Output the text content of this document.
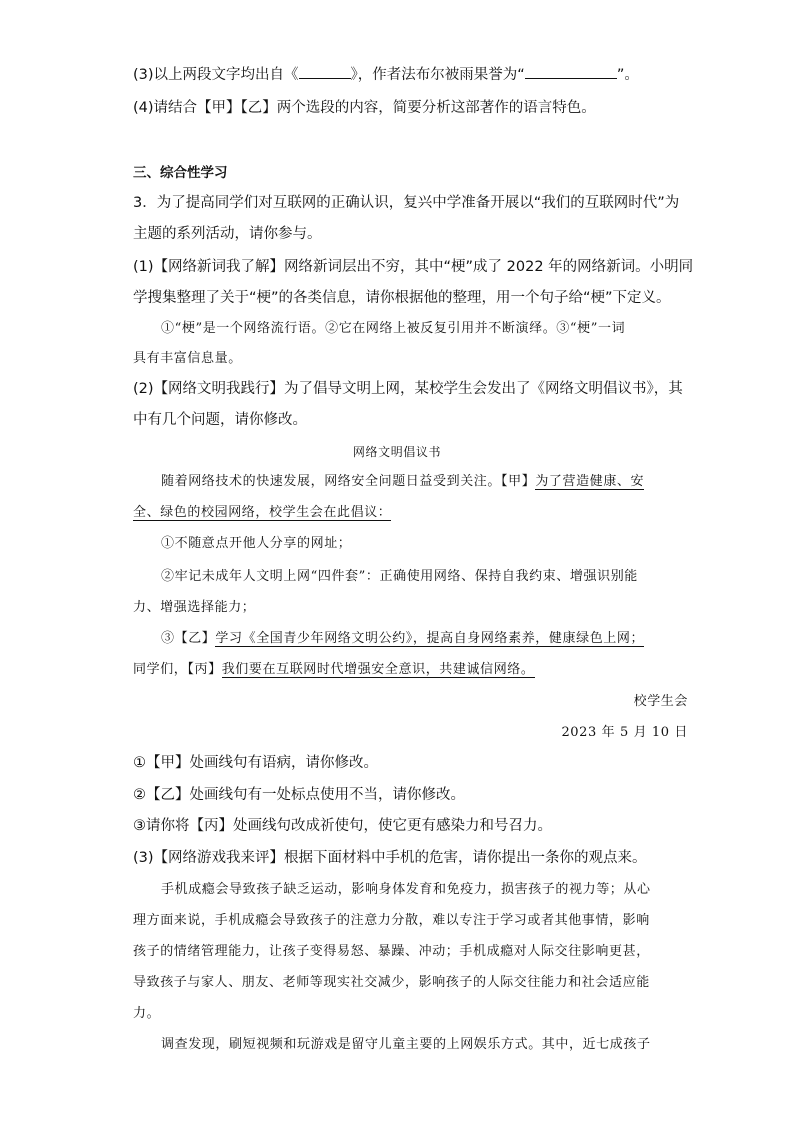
(3)以上两段文字均出自《	》，作者法布尔被雨果誉为“	”。
(4)请结合【甲】【乙】两个选段的内容，简要分析这部著作的语言特色。
三、综合性学习
3．为了提高同学们对互联网的正确认识，复兴中学准备开展以“我们的互联网时代”为
主题的系列活动，请你参与。
(1)【网络新词我了解】网络新词层出不穷，其中“梗”成了 2022 年的网络新词。小明同
学搜集整理了关于“梗”的各类信息，请你根据他的整理，用一个句子给“梗”下定义。
①“梗”是一个网络流行语。②它在网络上被反复引用并不断演绎。③“梗”一词
具有丰富信息量。
(2)【网络文明我践行】为了倡导文明上网，某校学生会发出了《网络文明倡议书》，其
中有几个问题，请你修改。
网络文明倡议书
随着网络技术的快速发展，网络安全问题日益受到关注。【甲】为了营造健康、安
全、绿色的校园网络，校学生会在此倡议：
①不随意点开他人分享的网址；
②牢记未成年人文明上网“四件套”：正确使用网络、保持自我约束、增强识别能
力、增强选择能力；
③【乙】学习《全国青少年网络文明公约》，提高自身网络素养，健康绿色上网；
同学们，【丙】我们要在互联网时代增强安全意识，共建诚信网络。
校学生会
2023 年 5 月 10 日
①【甲】处画线句有语病，请你修改。
②【乙】处画线句有一处标点使用不当，请你修改。
③请你将【丙】处画线句改成祈使句，使它更有感染力和号召力。
(3)【网络游戏我来评】根据下面材料中手机的危害，请你提出一条你的观点来。
手机成瘾会导致孩子缺乏运动，影响身体发育和免疫力，损害孩子的视力等；从心
理方面来说，手机成瘾会导致孩子的注意力分散，难以专注于学习或者其他事情，影响
孩子的情绪管理能力，让孩子变得易怒、暴躁、冲动；手机成瘾对人际交往影响更甚，
导致孩子与家人、朋友、老师等现实社交减少，影响孩子的人际交往能力和社会适应能
力。
调查发现，刷短视频和玩游戏是留守儿童主要的上网娱乐方式。其中，近七成孩子
